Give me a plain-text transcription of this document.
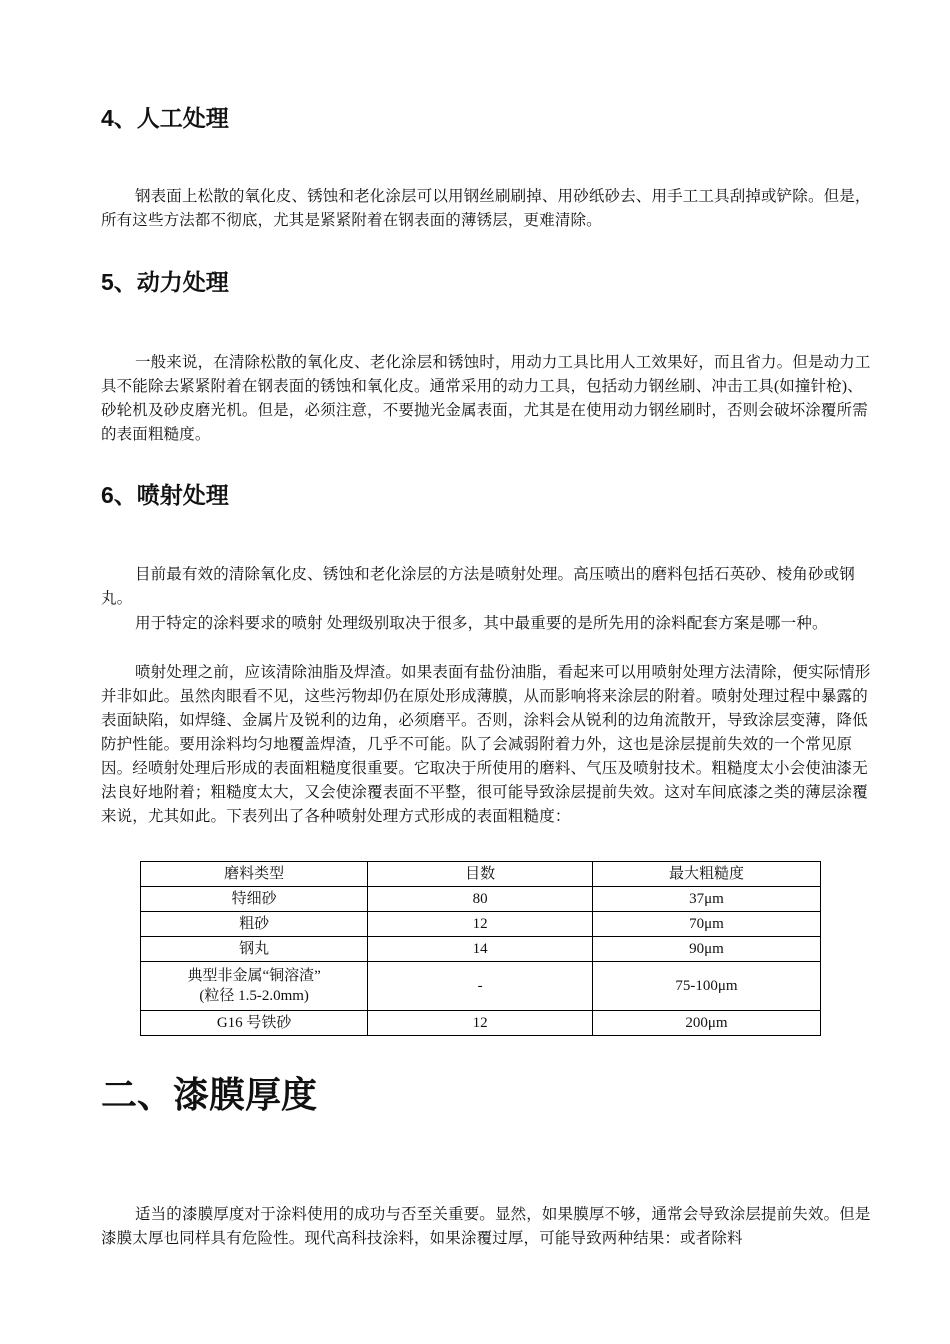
4、人工处理

钢表面上松散的氧化皮、锈蚀和老化涂层可以用钢丝刷刷掉、用砂纸砂去、用手工工具刮掉或铲除。但是，所有这些方法都不彻底，尤其是紧紧附着在钢表面的薄锈层，更难清除。

5、动力处理

一般来说，在清除松散的氧化皮、老化涂层和锈蚀时，用动力工具比用人工效果好，而且省力。但是动力工具不能除去紧紧附着在钢表面的锈蚀和氧化皮。通常采用的动力工具，包括动力钢丝刷、冲击工具(如撞针枪)、砂轮机及砂皮磨光机。但是，必须注意，不要抛光金属表面，尤其是在使用动力钢丝刷时，否则会破坏涂覆所需的表面粗糙度。

6、喷射处理

目前最有效的清除氧化皮、锈蚀和老化涂层的方法是喷射处理。高压喷出的磨料包括石英砂、棱角砂或钢丸。

用于特定的涂料要求的喷射 处理级别取决于很多，其中最重要的是所先用的涂料配套方案是哪一种。

喷射处理之前，应该清除油脂及焊渣。如果表面有盐份油脂，看起来可以用喷射处理方法清除，便实际情形并非如此。虽然肉眼看不见，这些污物却仍在原处形成薄膜，从而影响将来涂层的附着。喷射处理过程中暴露的表面缺陷，如焊缝、金属片及锐利的边角，必须磨平。否则，涂料会从锐利的边角流散开，导致涂层变薄，降低防护性能。要用涂料均匀地覆盖焊渣，几乎不可能。队了会减弱附着力外，这也是涂层提前失效的一个常见原因。经喷射处理后形成的表面粗糙度很重要。它取决于所使用的磨料、气压及喷射技术。粗糙度太小会使油漆无法良好地附着；粗糙度太大，又会使涂覆表面不平整，很可能导致涂层提前失效。这对车间底漆之类的薄层涂覆来说，尤其如此。下表列出了各种喷射处理方式形成的表面粗糙度：

磨料类型	目数	最大粗糙度
特细砂	80	37μm
粗砂	12	70μm
钢丸	14	90μm

典型非金属“铜溶渣”
(粒径 1.5-2.0mm)	-	75-100μm
G16 号铁砂	12	200μm
二、漆膜厚度

适当的漆膜厚度对于涂料使用的成功与否至关重要。显然，如果膜厚不够，通常会导致涂层提前失效。但是漆膜太厚也同样具有危险性。现代高科技涂料，如果涂覆过厚，可能导致两种结果：或者除料
